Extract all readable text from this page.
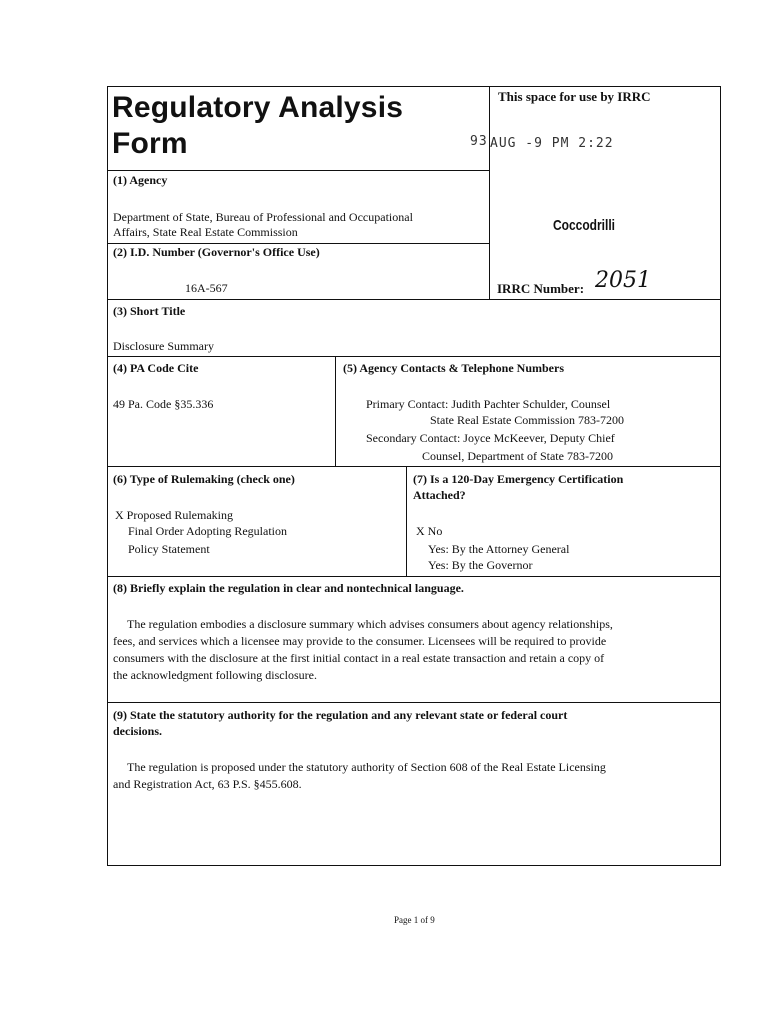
Regulatory Analysis
Form
This space for use by IRRC
93 AUG -9 PM 2:22
Coccodrilli
IRRC Number: 2051
(1) Agency
Department of State, Bureau of Professional and Occupational
Affairs, State Real Estate Commission
(2) I.D. Number (Governor's Office Use)
16A-567
(3) Short Title
Disclosure Summary
(4) PA Code Cite
49 Pa. Code §35.336
(5) Agency Contacts & Telephone Numbers
Primary Contact: Judith Pachter Schulder, Counsel
State Real Estate Commission 783-7200
Secondary Contact: Joyce McKeever, Deputy Chief
Counsel, Department of State 783-7200
(6) Type of Rulemaking (check one)
X Proposed Rulemaking
Final Order Adopting Regulation
Policy Statement
(7) Is a 120-Day Emergency Certification
Attached?
X No
Yes: By the Attorney General
Yes: By the Governor
(8) Briefly explain the regulation in clear and nontechnical language.
The regulation embodies a disclosure summary which advises consumers about agency relationships,
fees, and services which a licensee may provide to the consumer. Licensees will be required to provide
consumers with the disclosure at the first initial contact in a real estate transaction and retain a copy of
the acknowledgment following disclosure.
(9) State the statutory authority for the regulation and any relevant state or federal court
decisions.
The regulation is proposed under the statutory authority of Section 608 of the Real Estate Licensing
and Registration Act, 63 P.S. §455.608.
Page 1 of 9
